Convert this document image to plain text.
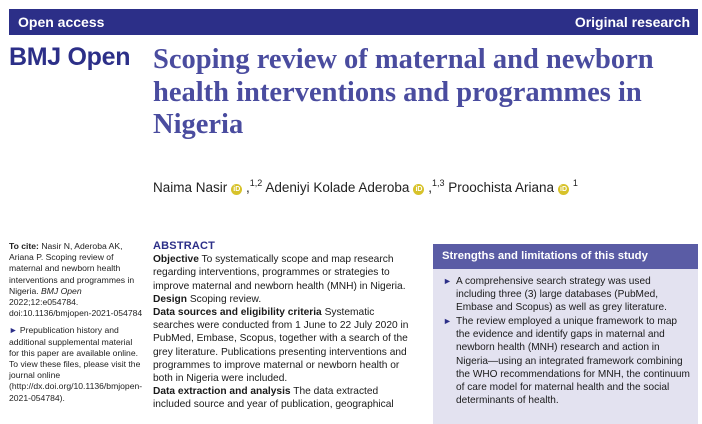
Open access	Original research
BMJ Open Scoping review of maternal and newborn health interventions and programmes in Nigeria
Naima Nasir iD ,$^{1,2}$ Adeniyi Kolade Aderoba iD ,$^{1,3}$ Proochista Ariana iD $^1$

To cite: Nasir N, Aderoba AK, Ariana P. Scoping review of maternal and newborn health interventions and programmes in Nigeria. BMJ Open 2022;12:e054784. doi:10.1136/bmjopen-2021-054784

► Prepublication history and additional supplemental material for this paper are available online. To view these files, please visit the journal online (http://dx.doi.org/10.1136/bmjopen-2021-054784).

ABSTRACT
Objective To systematically scope and map research regarding interventions, programmes or strategies to improve maternal and newborn health (MNH) in Nigeria.
Design Scoping review.
Data sources and eligibility criteria Systematic searches were conducted from 1 June to 22 July 2020 in PubMed, Embase, Scopus, together with a search of the grey literature. Publications presenting interventions and programmes to improve maternal or newborn health or both in Nigeria were included.
Data extraction and analysis The data extracted included source and year of publication, geographical
Strengths and limitations of this study
► A comprehensive search strategy was used including three (3) large databases (PubMed, Embase and Scopus) as well as grey literature.
► The review employed a unique framework to map the evidence and identify gaps in maternal and newborn health (MNH) research and action in Nigeria—using an integrated framework combining the WHO recommendations for MNH, the continuum of care model for maternal health and the social determinants of health.
